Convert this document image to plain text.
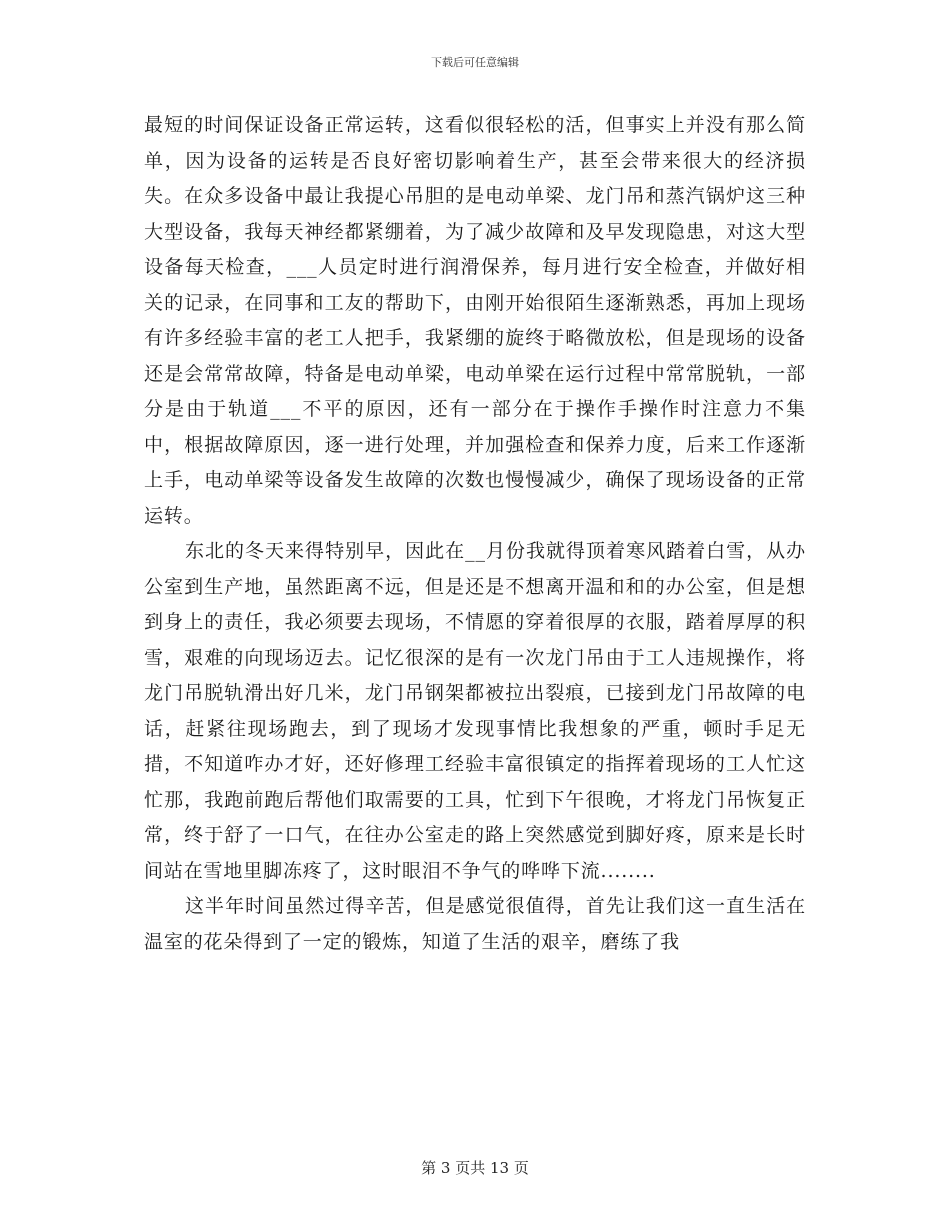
下载后可任意编辑

最短的时间保证设备正常运转，这看似很轻松的活，但事实上并没有那么简单，因为设备的运转是否良好密切影响着生产，甚至会带来很大的经济损失。在众多设备中最让我提心吊胆的是电动单梁、龙门吊和蒸汽锅炉这三种大型设备，我每天神经都紧绷着，为了减少故障和及早发现隐患，对这大型设备每天检查，___人员定时进行润滑保养，每月进行安全检查，并做好相关的记录，在同事和工友的帮助下，由刚开始很陌生逐渐熟悉，再加上现场有许多经验丰富的老工人把手，我紧绷的旋终于略微放松，但是现场的设备还是会常常故障，特备是电动单梁，电动单梁在运行过程中常常脱轨，一部分是由于轨道___不平的原因，还有一部分在于操作手操作时注意力不集中，根据故障原因，逐一进行处理，并加强检查和保养力度，后来工作逐渐上手，电动单梁等设备发生故障的次数也慢慢减少，确保了现场设备的正常运转。

东北的冬天来得特别早，因此在__月份我就得顶着寒风踏着白雪，从办公室到生产地，虽然距离不远，但是还是不想离开温和和的办公室，但是想到身上的责任，我必须要去现场，不情愿的穿着很厚的衣服，踏着厚厚的积雪，艰难的向现场迈去。记忆很深的是有一次龙门吊由于工人违规操作，将龙门吊脱轨滑出好几米，龙门吊钢架都被拉出裂痕，已接到龙门吊故障的电话，赶紧往现场跑去，到了现场才发现事情比我想象的严重，顿时手足无措，不知道咋办才好，还好修理工经验丰富很镇定的指挥着现场的工人忙这忙那，我跑前跑后帮他们取需要的工具，忙到下午很晚，才将龙门吊恢复正常，终于舒了一口气，在往办公室走的路上突然感觉到脚好疼，原来是长时间站在雪地里脚冻疼了，这时眼泪不争气的哗哗下流........

这半年时间虽然过得辛苦，但是感觉很值得，首先让我们这一直生活在温室的花朵得到了一定的锻炼，知道了生活的艰辛，磨练了我

第 3 页共 13 页
